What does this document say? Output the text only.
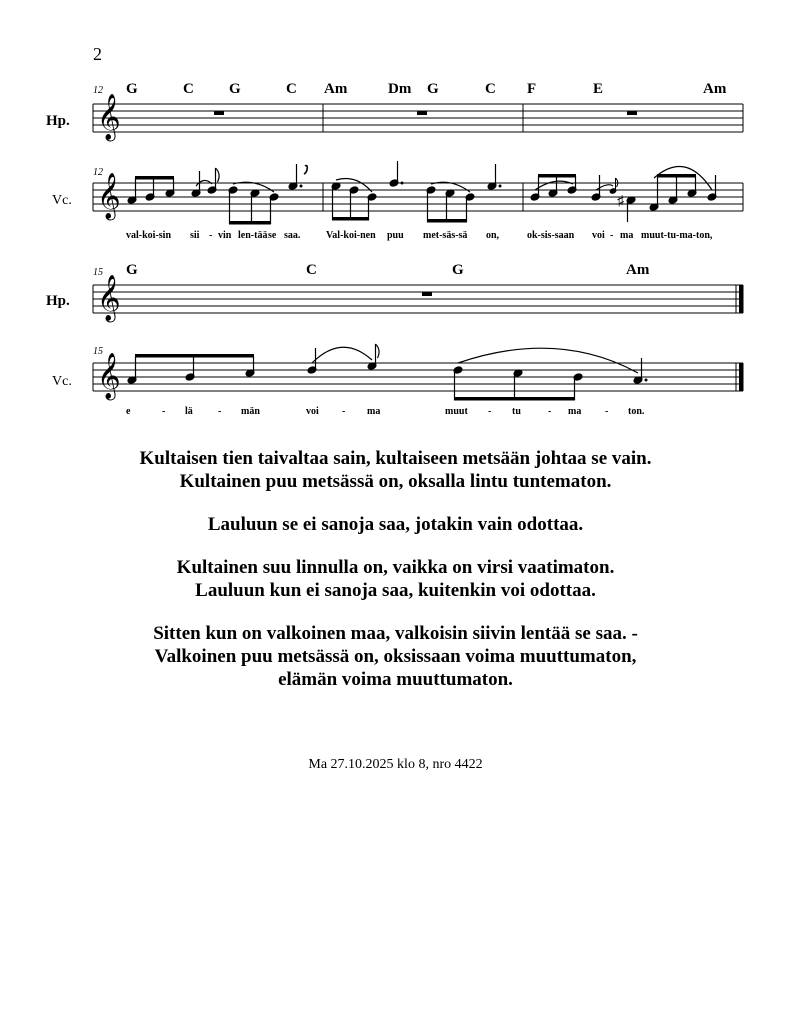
2
12
12
Hp.
Vc.
G	C G	C Am	Dm G	C F	E	Am
𝄞
𝄞	♯
val-koi-sin sii - vin len-tää se saa.	Val-koi-nen puu met-säs-sä on,	ok-sis-saan voi - ma muut-tu-ma-ton,
15
15
Hp.
Vc.
G	C	G	Am
𝄞
𝄞
e	- lä	- män	voi - ma	muut - tu	- ma - ton.
Kultaisen tien taivaltaa sain, kultaiseen metsään johtaa se vain.
Kultainen puu metsässä on, oksalla lintu tuntematon.
Lauluun se ei sanoja saa, jotakin vain odottaa.
Kultainen suu linnulla on, vaikka on virsi vaatimaton.
Lauluun kun ei sanoja saa, kuitenkin voi odottaa.
Sitten kun on valkoinen maa, valkoisin siivin lentää se saa. -
Valkoinen puu metsässä on, oksissaan voima muuttumaton,
elämän voima muuttumaton.
Ma 27.10.2025 klo 8, nro 4422
